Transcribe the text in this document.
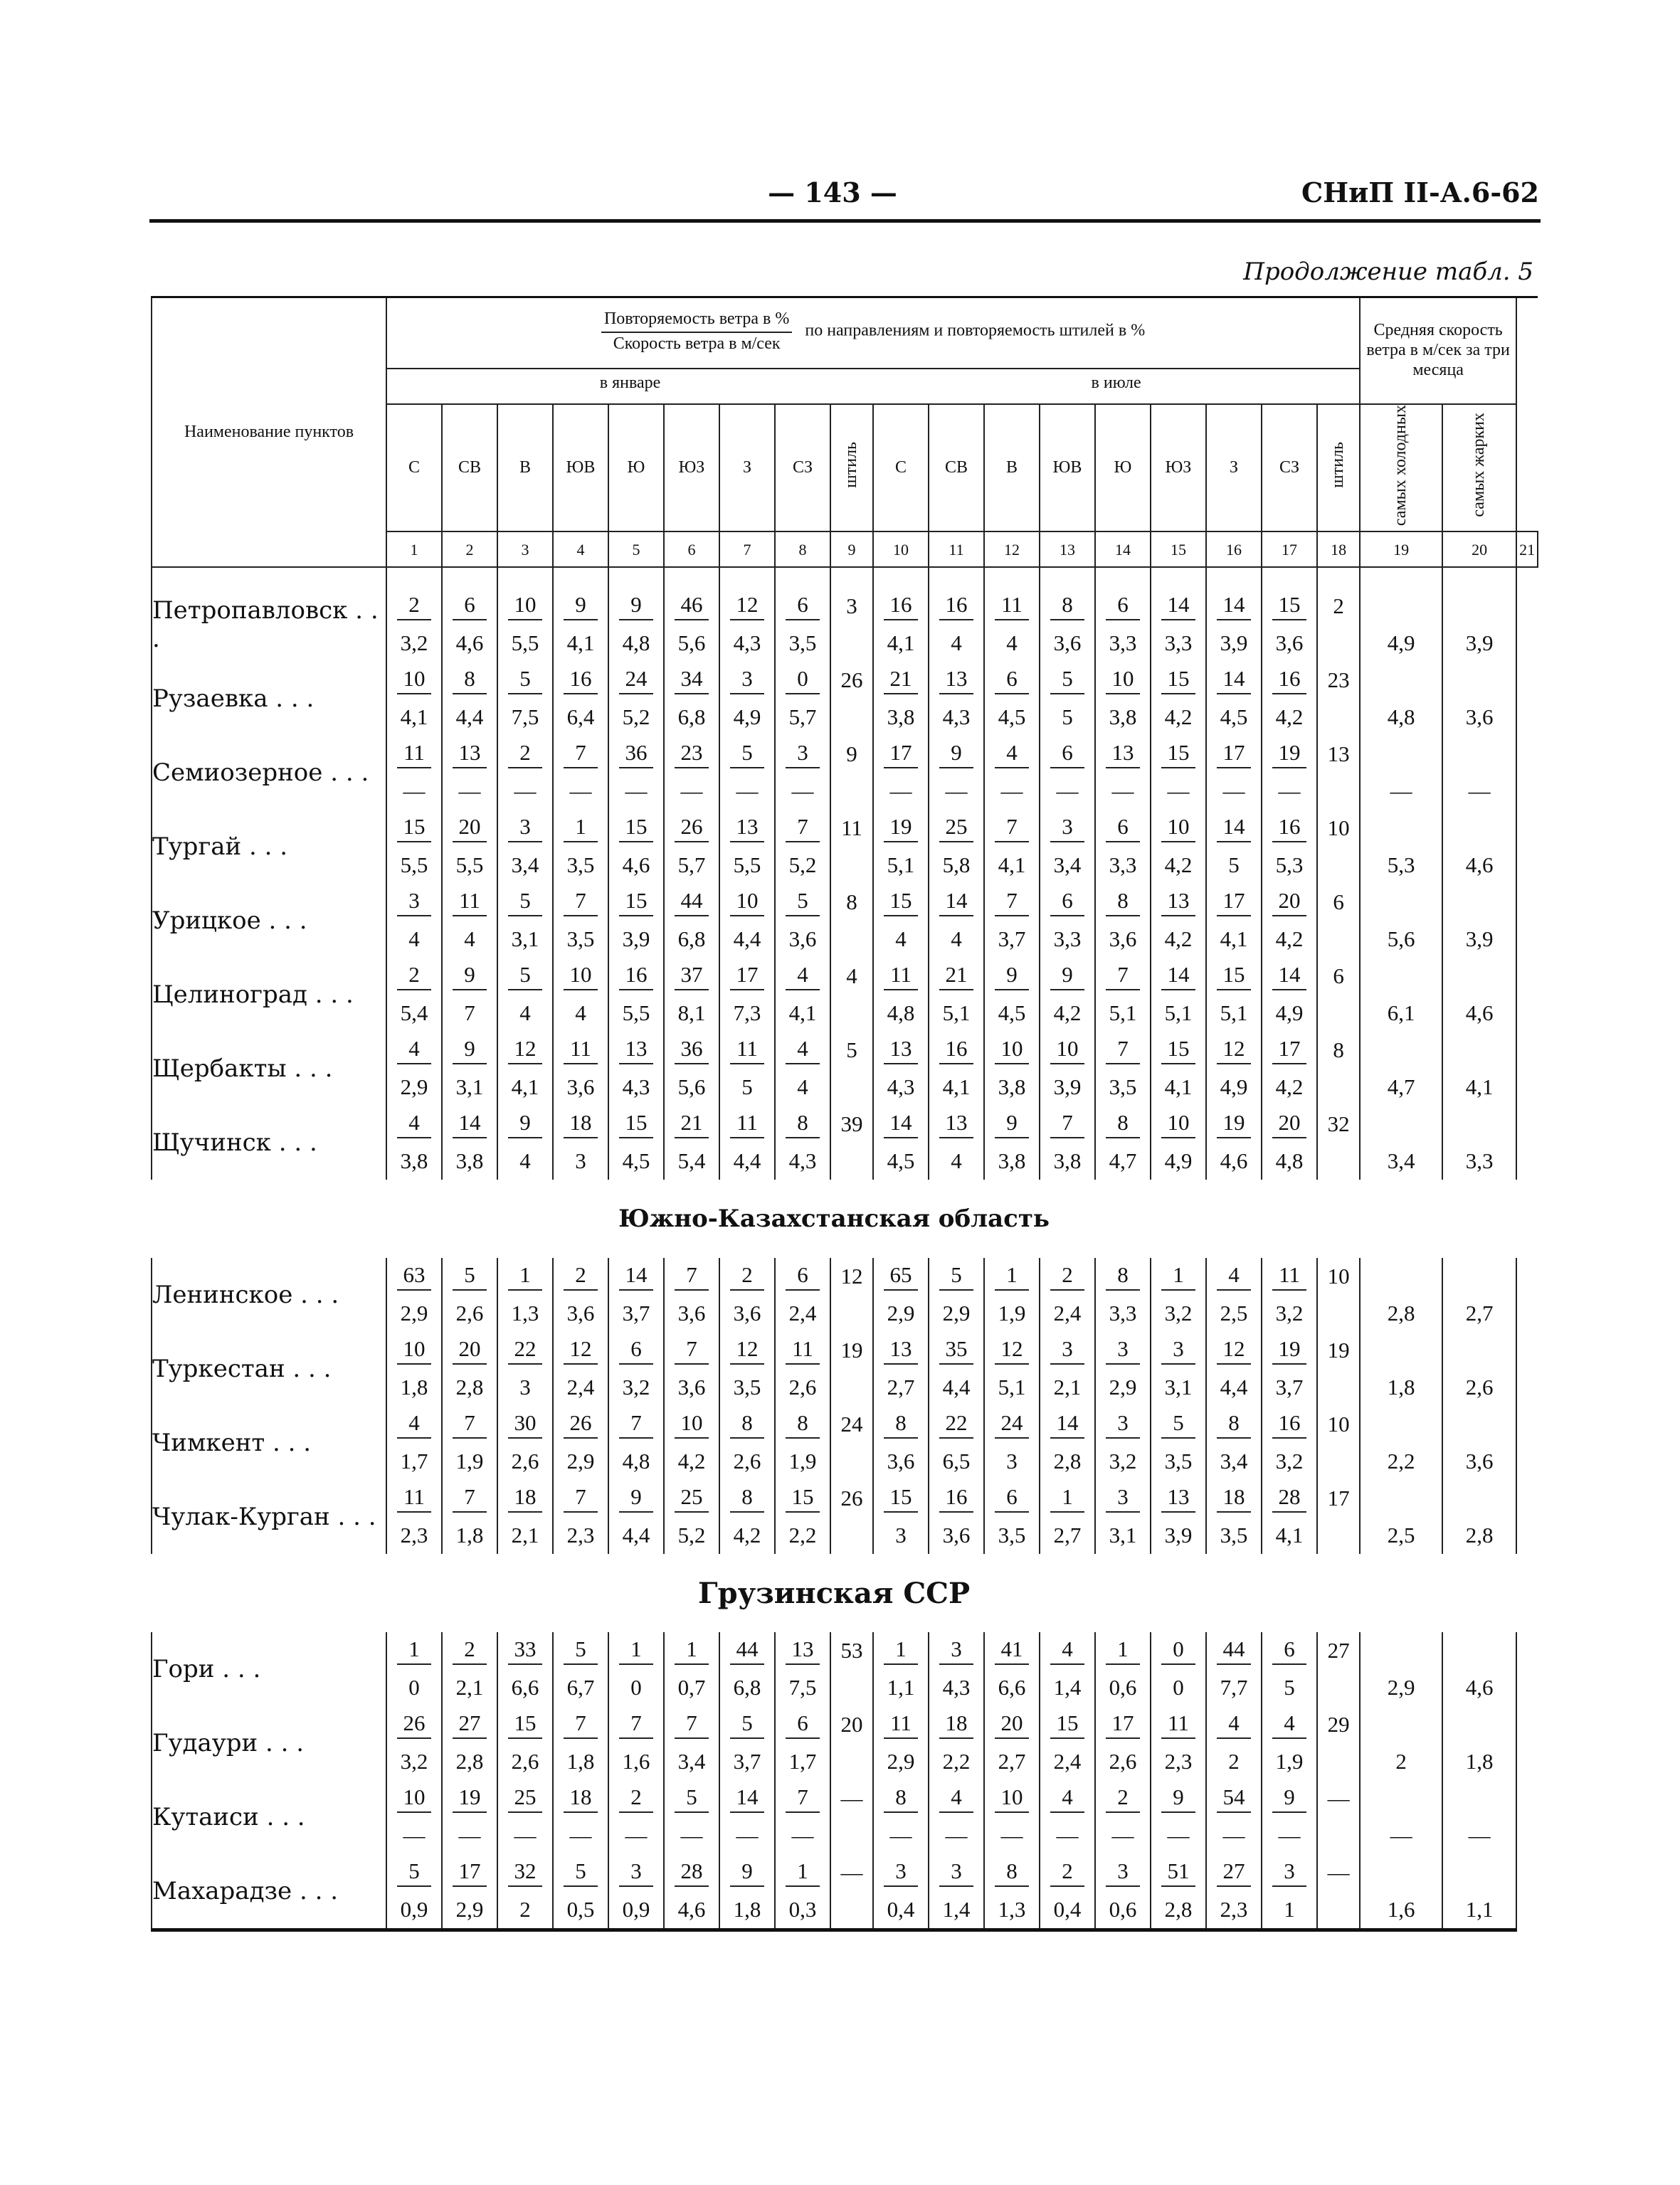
— 143 —	СНиП II-А.6-62
Продолжение табл. 5
Наименование пунктов	Повторяемость ветра в %
Скорость ветра в м/сек   по направлениям и повторяемость штилей в %
в январе в июле																		Средняя скорость ветра в м/сек за три месяца		
	С	СВ	В	ЮВ	Ю	ЮЗ	З	СЗ	штиль	С	СВ	В	ЮВ	Ю	ЮЗ	З	СЗ	штиль	самых холодных	самых жарких	
	1	2	3	4	5	6	7	8	9	10	11	12	13	14	15	16	17	18	19	20	21

Петропавловск . . .	2	6	10	9	9	46	12	6	3	16	16	11	8	6	14	14	15	2			
	3,2	4,6	5,5	4,1	4,8	5,6	4,3	3,5		4,1	4	4	3,6	3,3	3,3	3,9	3,6		4,9	3,9	
Рузаевка . . .	10	8	5	16	24	34	3	0	26	21	13	6	5	10	15	14	16	23			
	4,1	4,4	7,5	6,4	5,2	6,8	4,9	5,7		3,8	4,3	4,5	5	3,8	4,2	4,5	4,2		4,8	3,6	
Семиозерное . . .	11	13	2	7	36	23	5	3	9	17	9	4	6	13	15	17	19	13			
	—	—	—	—	—	—	—	—		—	—	—	—	—	—	—	—		—	—	
Тургай . . .	15	20	3	1	15	26	13	7	11	19	25	7	3	6	10	14	16	10			
	5,5	5,5	3,4	3,5	4,6	5,7	5,5	5,2		5,1	5,8	4,1	3,4	3,3	4,2	5	5,3		5,3	4,6	
Урицкое . . .	3	11	5	7	15	44	10	5	8	15	14	7	6	8	13	17	20	6			
	4	4	3,1	3,5	3,9	6,8	4,4	3,6		4	4	3,7	3,3	3,6	4,2	4,1	4,2		5,6	3,9	
Целиноград . . .	2	9	5	10	16	37	17	4	4	11	21	9	9	7	14	15	14	6			
	5,4	7	4	4	5,5	8,1	7,3	4,1		4,8	5,1	4,5	4,2	5,1	5,1	5,1	4,9		6,1	4,6	
Щербакты . . .	4	9	12	11	13	36	11	4	5	13	16	10	10	7	15	12	17	8			
	2,9	3,1	4,1	3,6	4,3	5,6	5	4		4,3	4,1	3,8	3,9	3,5	4,1	4,9	4,2		4,7	4,1	
Щучинск . . .	4	14	9	18	15	21	11	8	39	14	13	9	7	8	10	19	20	32			
	3,8	3,8	4	3	4,5	5,4	4,4	4,3		4,5	4	3,8	3,8	4,7	4,9	4,6	4,8		3,4	3,3	
Южно-Казахстанская область																					
Ленинское . . .	63	5	1	2	14	7	2	6	12	65	5	1	2	8	1	4	11	10			
	2,9	2,6	1,3	3,6	3,7	3,6	3,6	2,4		2,9	2,9	1,9	2,4	3,3	3,2	2,5	3,2		2,8	2,7	
Туркестан . . .	10	20	22	12	6	7	12	11	19	13	35	12	3	3	3	12	19	19			
	1,8	2,8	3	2,4	3,2	3,6	3,5	2,6		2,7	4,4	5,1	2,1	2,9	3,1	4,4	3,7		1,8	2,6	
Чимкент . . .	4	7	30	26	7	10	8	8	24	8	22	24	14	3	5	8	16	10			
	1,7	1,9	2,6	2,9	4,8	4,2	2,6	1,9		3,6	6,5	3	2,8	3,2	3,5	3,4	3,2		2,2	3,6	
Чулак-Курган . . .	11	7	18	7	9	25	8	15	26	15	16	6	1	3	13	18	28	17			
	2,3	1,8	2,1	2,3	4,4	5,2	4,2	2,2		3	3,6	3,5	2,7	3,1	3,9	3,5	4,1		2,5	2,8	
Грузинская ССР																					
Гори . . .	1	2	33	5	1	1	44	13	53	1	3	41	4	1	0	44	6	27			
	0	2,1	6,6	6,7	0	0,7	6,8	7,5		1,1	4,3	6,6	1,4	0,6	0	7,7	5		2,9	4,6	
Гудаури . . .	26	27	15	7	7	7	5	6	20	11	18	20	15	17	11	4	4	29			
	3,2	2,8	2,6	1,8	1,6	3,4	3,7	1,7		2,9	2,2	2,7	2,4	2,6	2,3	2	1,9		2	1,8	
Кутаиси . . .	10	19	25	18	2	5	14	7	—	8	4	10	4	2	9	54	9	—			
	—	—	—	—	—	—	—	—		—	—	—	—	—	—	—	—		—	—	
Махарадзе . . .	5	17	32	5	3	28	9	1	—	3	3	8	2	3	51	27	3	—			
	0,9	2,9	2	0,5	0,9	4,6	1,8	0,3		0,4	1,4	1,3	0,4	0,6	2,8	2,3	1		1,6	1,1	
